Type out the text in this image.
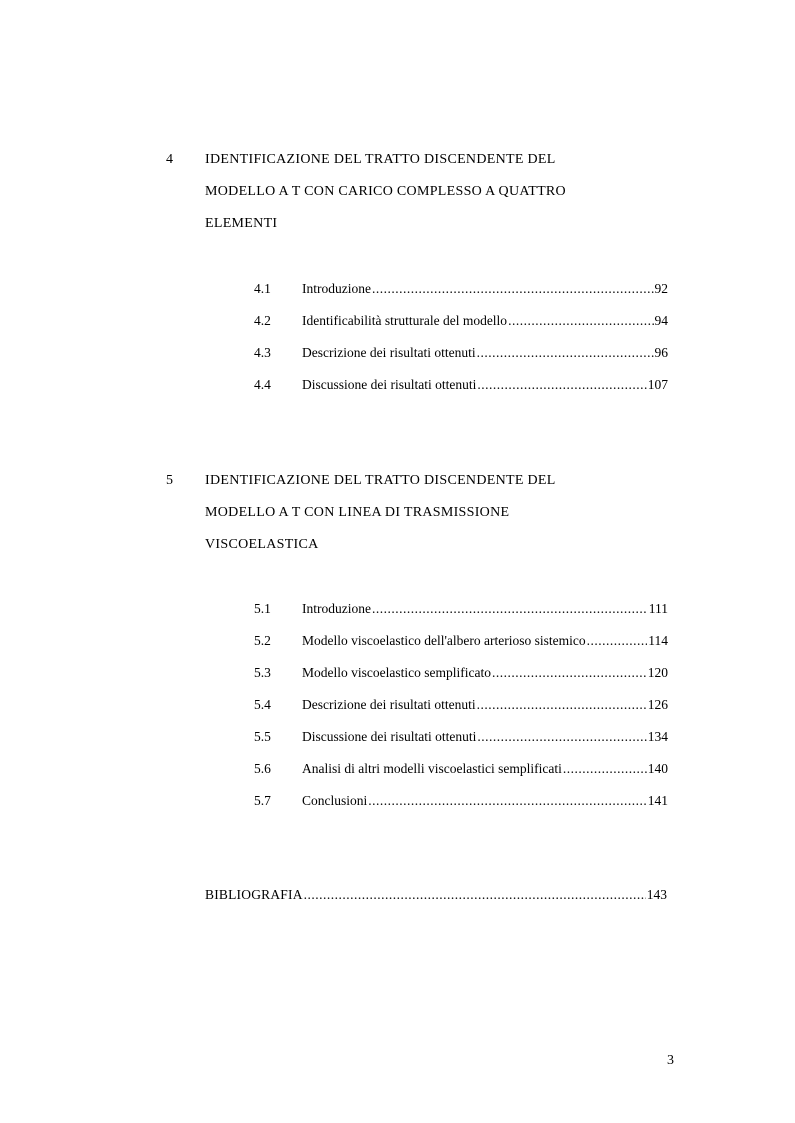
4 IDENTIFICAZIONE DEL TRATTO DISCENDENTE DEL
MODELLO A T CON CARICO COMPLESSO A QUATTRO
ELEMENTI
4.1 Introduzione .....	92
4.2 Identificabilità strutturale del modello .....	94
4.3 Descrizione dei risultati ottenuti .....	96
4.4 Discussione dei risultati ottenuti .....	107
5 IDENTIFICAZIONE DEL TRATTO DISCENDENTE DEL
MODELLO A T CON LINEA DI TRASMISSIONE
VISCOELASTICA
5.1 Introduzione .....	111
5.2 Modello viscoelastico dell'albero arterioso sistemico .....	114
5.3 Modello viscoelastico semplificato .....	120
5.4 Descrizione dei risultati ottenuti .....	126
5.5 Discussione dei risultati ottenuti .....	134
5.6 Analisi di altri modelli viscoelastici semplificati .....	140
5.7 Conclusioni .....	141
BIBLIOGRAFIA .....	143
3
